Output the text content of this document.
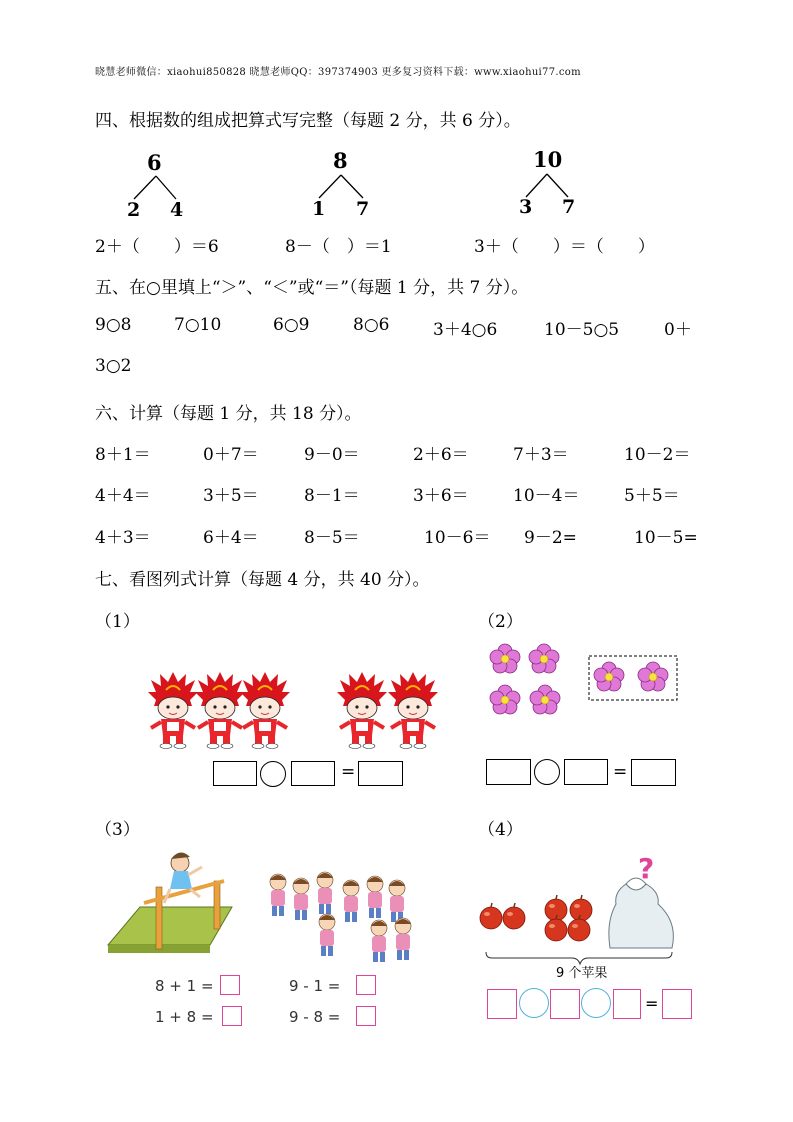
晓慧老师微信：xiaohui850828 晓慧老师QQ：397374903 更多复习资料下载：www.xiaohui77.com
四、根据数的组成把算式写完整（每题 2 分，共 6 分）。
6
2 4
8
1 7
10
3 7
2＋（　　）＝6	8－（　）＝1	3＋（　　）＝（　　）
五、在○里填上“＞”、“＜”或“＝”（每题 1 分，共 7 分）。
9○8	7○10	6○9	8○6	3＋4○6	10－5○5	0＋
3○2
六、计算（每题 1 分，共 18 分）。
8＋1＝	0＋7＝	9－0＝	2＋6＝	7＋3＝	10－2＝
4＋4＝	3＋5＝	8－1＝	3＋6＝	10－4＝	5＋5＝
4＋3＝	6＋4＝	8－5＝	10－6＝ 9－2=	10－5=
七、看图列式计算（每题 4 分，共 40 分）。
（1）	（2）
=	=
（3）	（4）
8 + 1 =	9 - 1 =
1 + 8 =	9 - 8 =
?
9 个苹果
=
